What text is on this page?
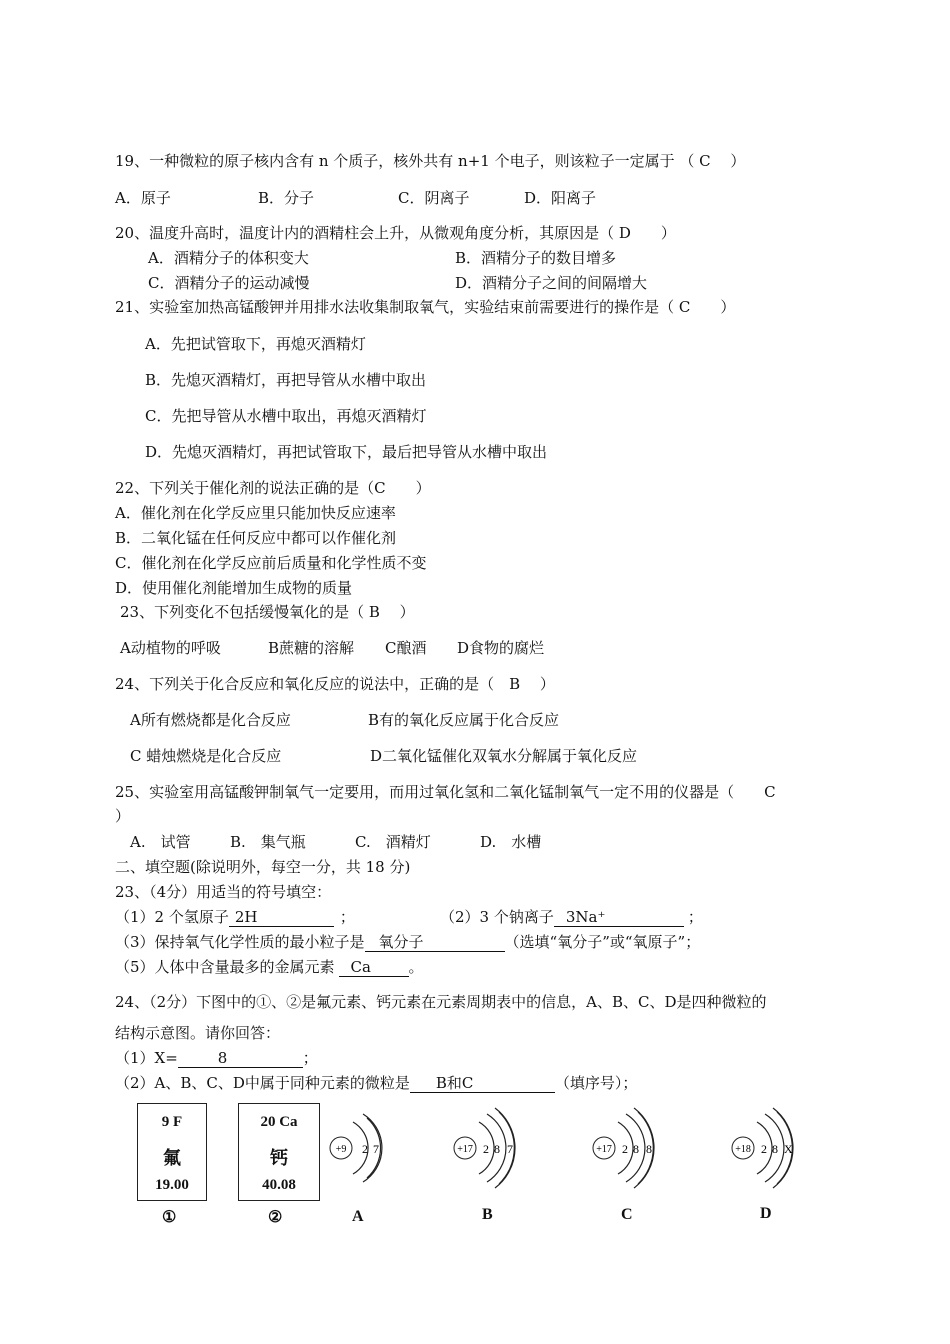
19、一种微粒的原子核内含有 n 个质子，核外共有 n+1 个电子，则该粒子一定属于 （ C　 ）
A．原子	B．分子	C．阴离子	D．阳离子
20、温度升高时，温度计内的酒精柱会上升，从微观角度分析，其原因是（ D　　）
A．酒精分子的体积变大	B．酒精分子的数目增多
C．酒精分子的运动减慢	D．酒精分子之间的间隔增大
21、实验室加热高锰酸钾并用排水法收集制取氧气，实验结束前需要进行的操作是（ C　　）
A．先把试管取下，再熄灭酒精灯
B．先熄灭酒精灯，再把导管从水槽中取出
C．先把导管从水槽中取出，再熄灭酒精灯
D．先熄灭酒精灯，再把试管取下，最后把导管从水槽中取出
22、下列关于催化剂的说法正确的是（C　　）
A．催化剂在化学反应里只能加快反应速率
B．二氧化锰在任何反应中都可以作催化剂
C．催化剂在化学反应前后质量和化学性质不变
D．使用催化剂能增加生成物的质量
23、下列变化不包括缓慢氧化的是（ B　 ）
A动植物的呼吸	B蔗糖的溶解 C酿酒 D食物的腐烂
24、下列关于化合反应和氧化反应的说法中，正确的是（　B　 ）
A所有燃烧都是化合反应	B有的氧化反应属于化合反应
C 蜡烛燃烧是化合反应	D二氧化锰催化双氧水分解属于氧化反应
25、实验室用高锰酸钾制氧气一定要用，而用过氧化氢和二氧化锰制氧气一定不用的仪器是（　　C
）
A.　试管	B.　集气瓶	C.　酒精灯	D.　水槽
二、填空题(除说明外，每空一分，共 18 分)
23、（4分）用适当的符号填空：
（1）2 个氢原子 2H	；	（2）3 个钠离子 3Na⁺	；
（3）保持氧气化学性质的最小粒子是 氧分子	（选填“氧分子”或“氧原子”；
（5）人体中含量最多的金属元素 Ca	。
24、（2分）下图中的①、②是氟元素、钙元素在元素周期表中的信息，A、B、C、D是四种微粒的
结构示意图。请你回答：
（1）X=	8	；
（2）A、B、C、D中属于同种元素的微粒是 B和C	（填序号）；
9 F
氟
19.00
①
20 Ca
钙
40.08
②
+9 2 7	+17 2 8 7	+17 2 8 8	+18 2 8 X
A	B	C	D
